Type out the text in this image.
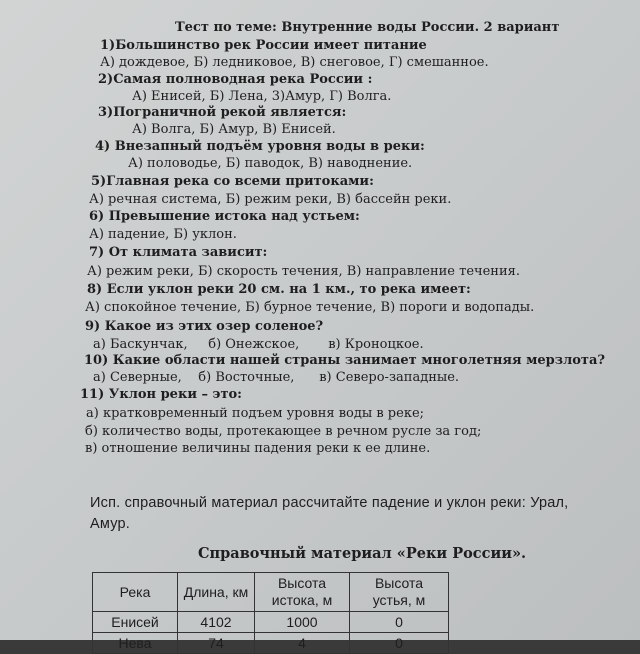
Тест по теме: Внутренние воды России. 2 вариант
1)Большинство рек России имеет питание
А) дождевое, Б) ледниковое, В) снеговое, Г) смешанное.
2)Самая полноводная река России :
А) Енисей, Б) Лена, 3)Амур, Г) Волга.
3)Пограничной рекой является:
А) Волга, Б) Амур, В) Енисей.
4) Внезапный подъём уровня воды в реки:
А) половодье, Б) паводок, В) наводнение.
5)Главная река со всеми притоками:
А) речная система, Б) режим реки, В) бассейн реки.
6) Превышение истока над устьем:
А) падение, Б) уклон.
7) От климата зависит:
А) режим реки, Б) скорость течения, В) направление течения.
8) Если уклон реки 20 см. на 1 км., то река имеет:
А) спокойное течение, Б) бурное течение, В) пороги и водопады.
9) Какое из этих озер соленое?
а) Баскунчак,     б) Онежское,       в) Кроноцкое.
10) Какие области нашей страны занимает многолетняя мерзлота?
а) Северные,    б) Восточные,      в) Северо-западные.
11) Уклон реки – это:
а) кратковременный подъем уровня воды в реке;
б) количество воды, протекающее в речном русле за год;
в) отношение величины падения реки к ее длине.
Исп. справочный материал рассчитайте падение и уклон реки: Урал,
Амур.
Справочный материал «Реки России».
Река	Длина, км	Высота истока, м	Высота устья, м
Енисей	4102	1000	0
Нева	74	4	0
